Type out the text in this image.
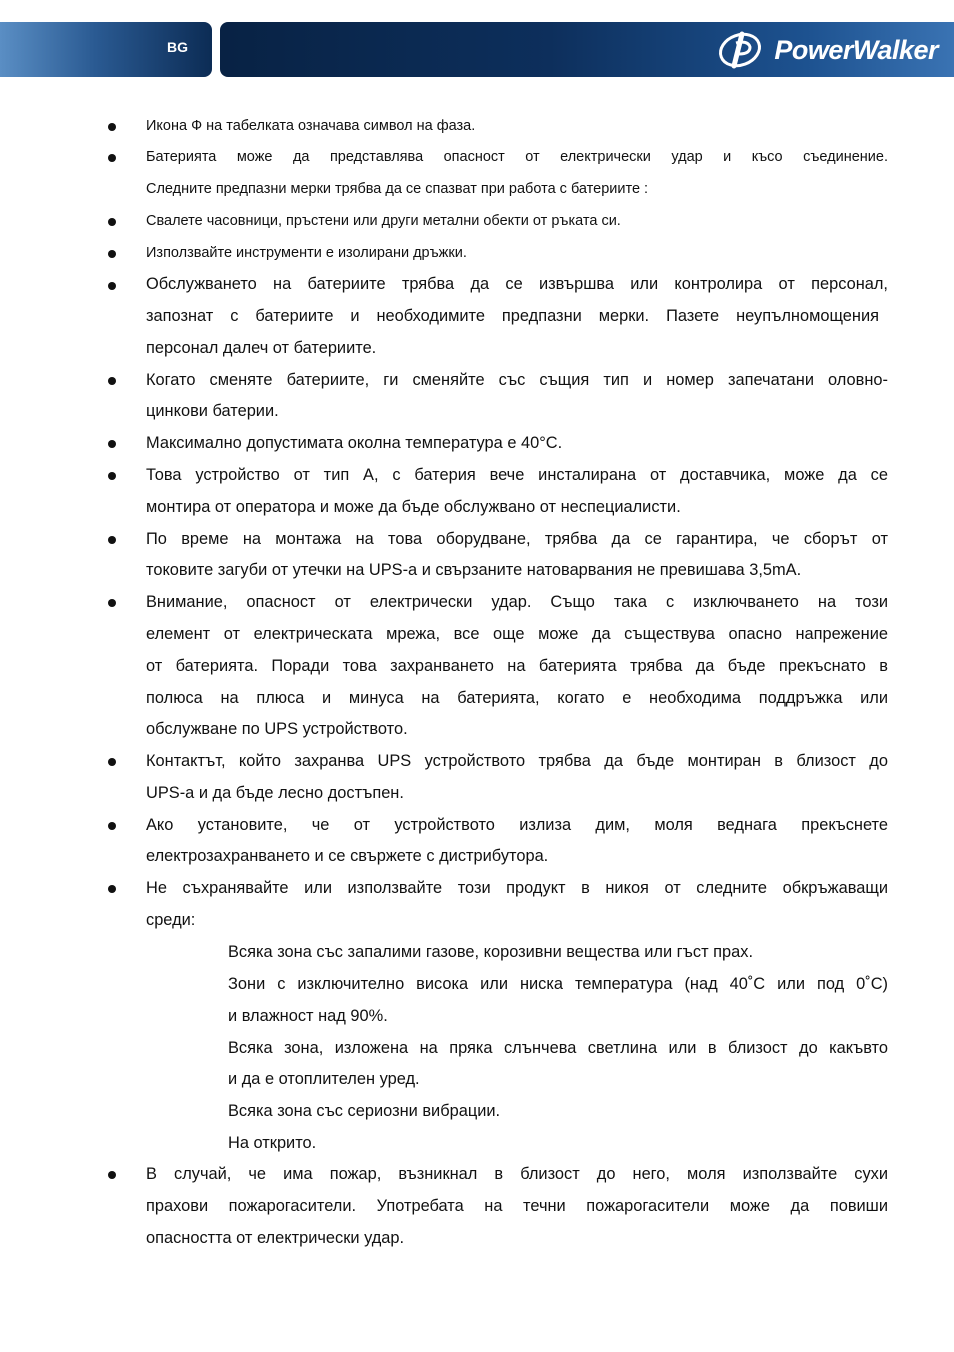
BG	PowerWalker
Икона Ф на табелката означава символ на фаза.
Батерията може да представлява опасност от електрически удар и късо съединение.
Следните предпазни мерки трябва да се спазват при работа с батериите :
Свалете часовници, пръстени или други метални обекти от ръката си.
Използвайте инструменти е изолирани дръжки.
Обслужването на батериите трябва да се извършва или контролира от персонал,
запознат с батериите и необходимите предпазни мерки. Пазете неупълномощения
персонал далеч от батериите.
Когато сменяте батериите, ги сменяйте със същия тип и номер запечатани оловно-
цинкови батерии.
Максимално допустимата околна температура е 40°C.
Това устройство от тип A, с батерия вече инсталирана от доставчика, може да се
монтира от оператора и може да бъде обслужвано от неспециалисти.
По време на монтажа на това оборудване, трябва да се гарантира, че сборът от
токовите загуби от утечки на UPS-а и свързаните натоварвания не превишава 3,5mA.
Внимание, опасност от електрически удар. Също така с изключването на този
елемент от електрическата мрежа, все още може да съществува опасно напрежение
от батерията. Поради това захранването на батерията трябва да бъде прекъснато в
полюса на плюса и минуса на батерията, когато е необходима поддръжка или
обслужване по UPS устройството.
Контактът, който захранва UPS устройството трябва да бъде монтиран в близост до
UPS-а и да бъде лесно достъпен.
Ако установите, че от устройството излиза дим, моля веднага прекъснете
електрозахранването и се свържете с дистрибутора.
Не съхранявайте или използвайте този продукт в никоя от следните обкръжаващи
среди:
Всяка зона със запалими газове, корозивни вещества или гъст прах.
Зони с изключително висока или ниска температура (над 40˚C или под 0˚C)
и влажност над 90%.
Всяка зона, изложена на пряка слънчева светлина или в близост до какъвто
и да е отоплителен уред.
Всяка зона със сериозни вибрации.
На открито.
В случай, че има пожар, възникнал в близост до него, моля използвайте сухи
прахови пожарогасители. Употребата на течни пожарогасители може да повиши
опасността от електрически удар.
